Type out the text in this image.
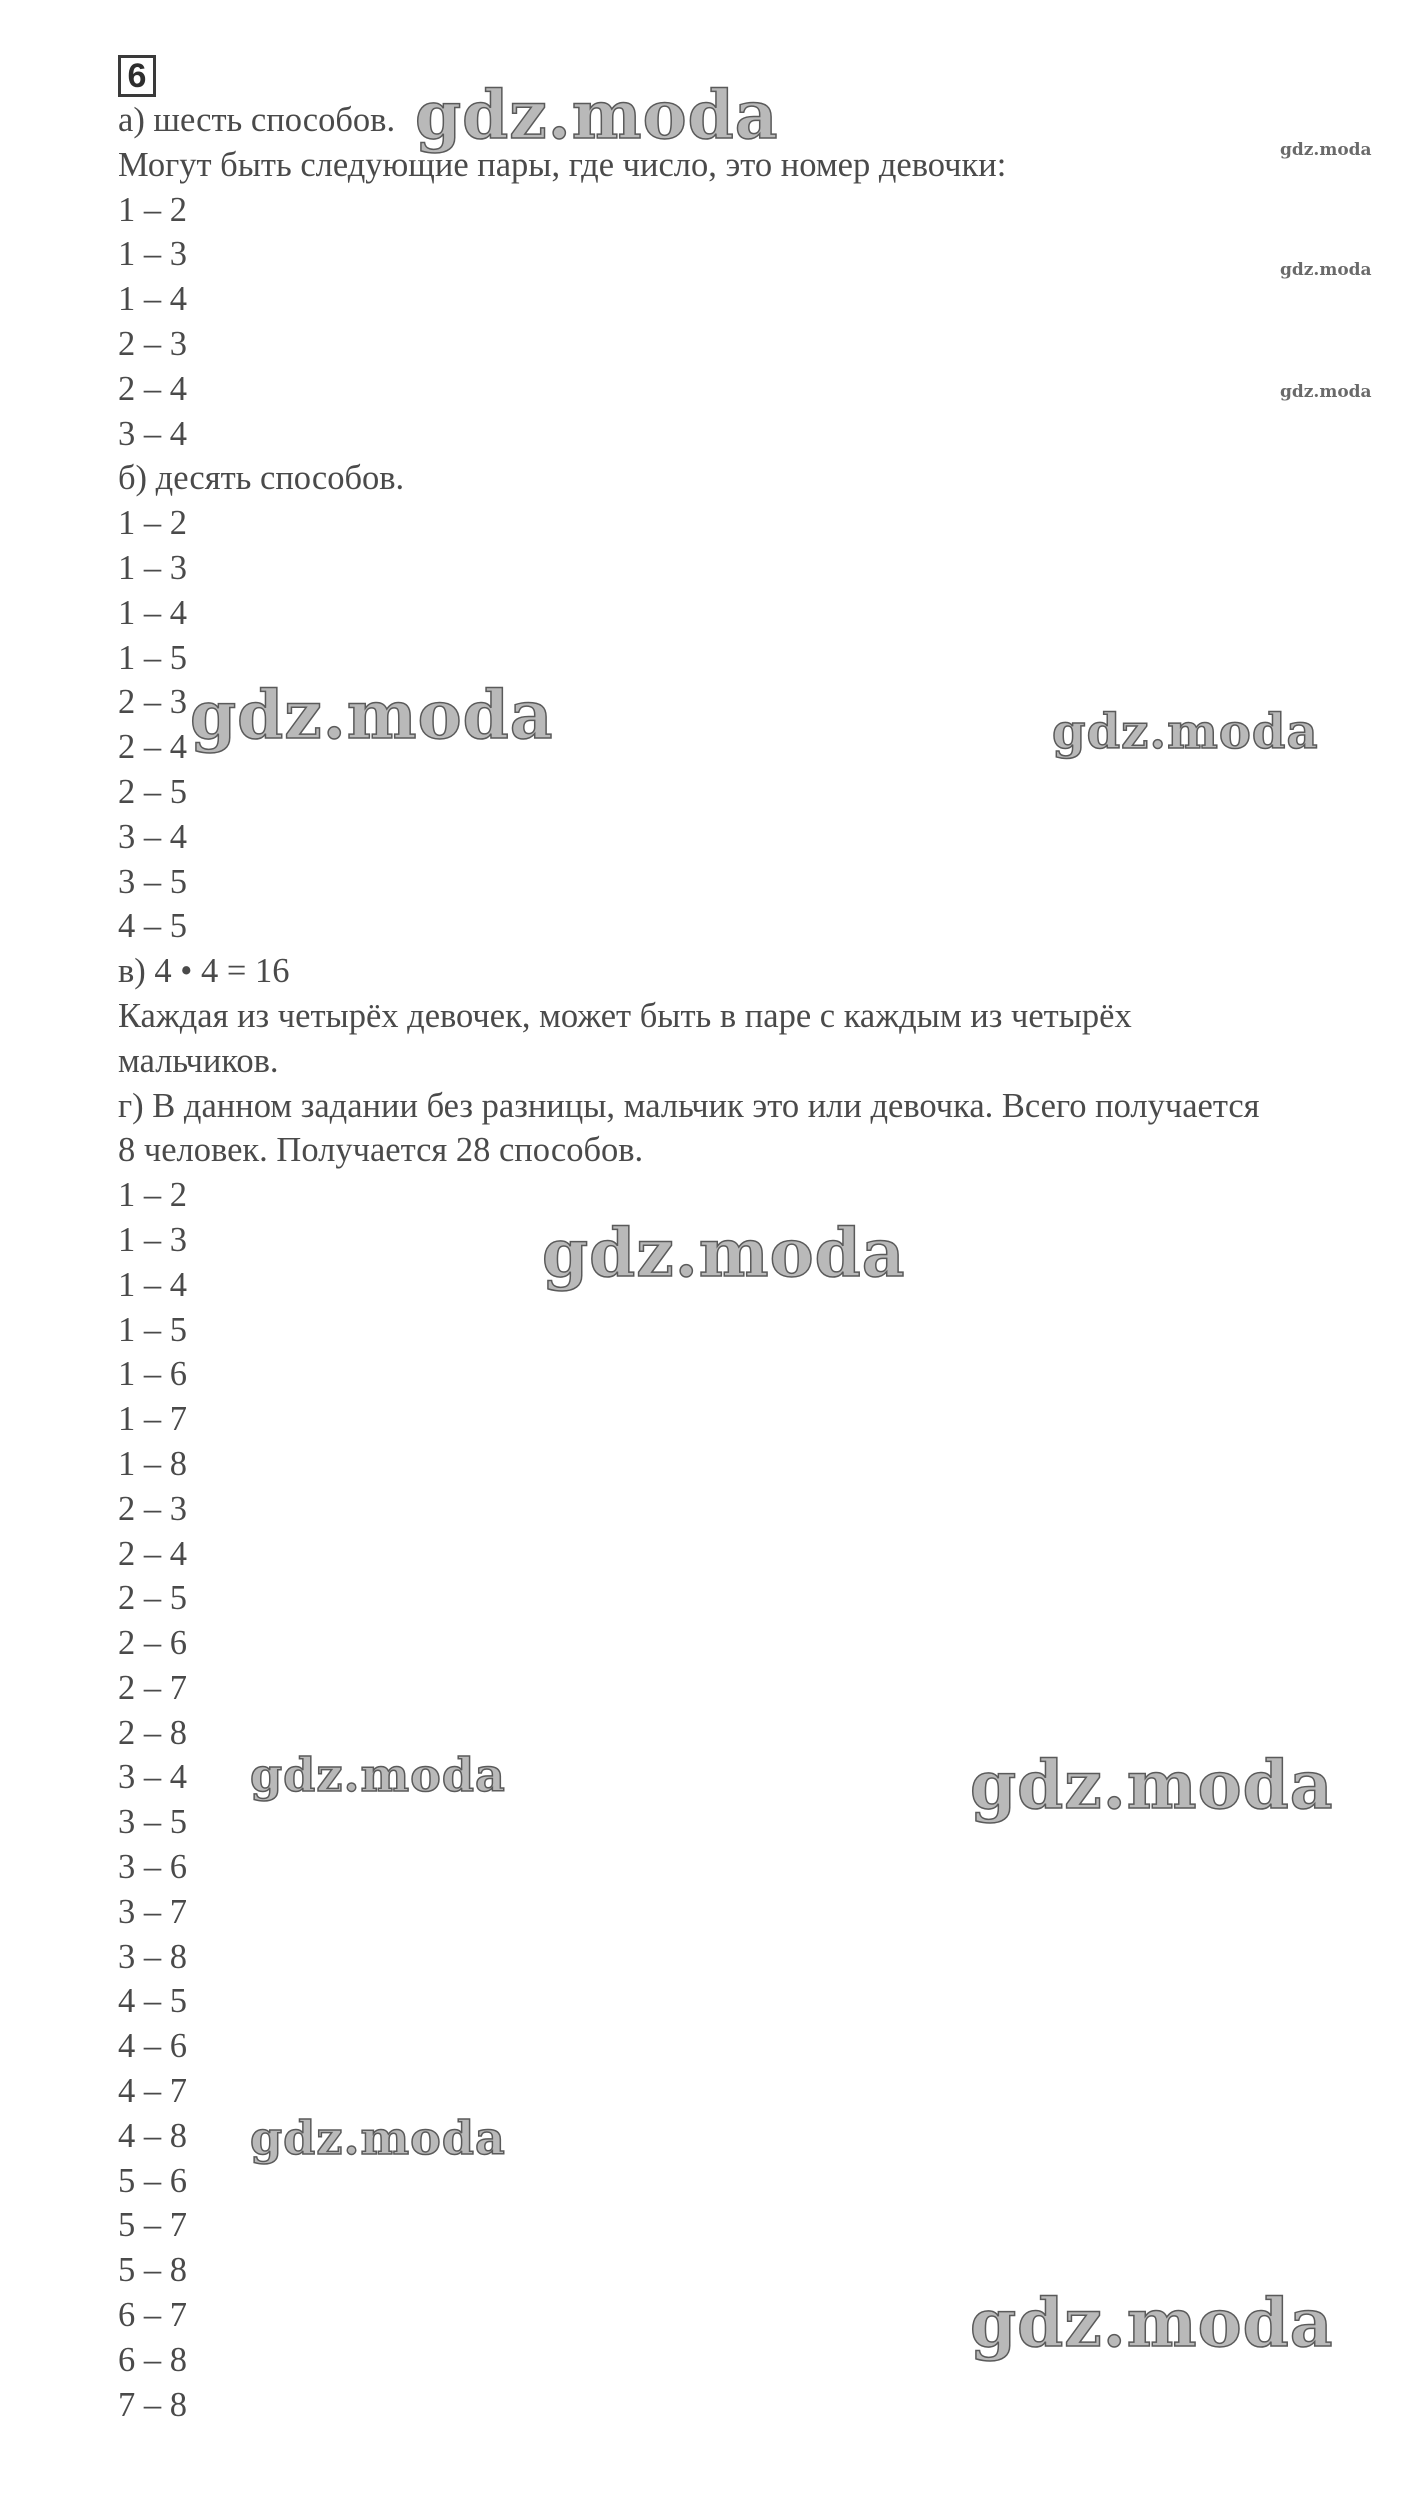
6
а) шесть способов.
Могут быть следующие пары, где число, это номер девочки:
1 – 2
1 – 3
1 – 4
2 – 3
2 – 4
3 – 4
б) десять способов.
1 – 2
1 – 3
1 – 4
1 – 5
2 – 3
2 – 4
2 – 5
3 – 4
3 – 5
4 – 5
в) 4 • 4 = 16
Каждая из четырёх девочек, может быть в паре с каждым из четырёх
мальчиков.
г) В данном задании без разницы, мальчик это или девочка. Всего получается
8 человек. Получается 28 способов.
1 – 2
1 – 3
1 – 4
1 – 5
1 – 6
1 – 7
1 – 8
2 – 3
2 – 4
2 – 5
2 – 6
2 – 7
2 – 8
3 – 4
3 – 5
3 – 6
3 – 7
3 – 8
4 – 5
4 – 6
4 – 7
4 – 8
5 – 6
5 – 7
5 – 8
6 – 7
6 – 8
7 – 8
gdz.moda	gdz.moda
gdz.moda
gdz.moda
gdz.moda	gdz.moda
gdz.moda
gdz.moda	gdz.moda
gdz.moda
gdz.moda
